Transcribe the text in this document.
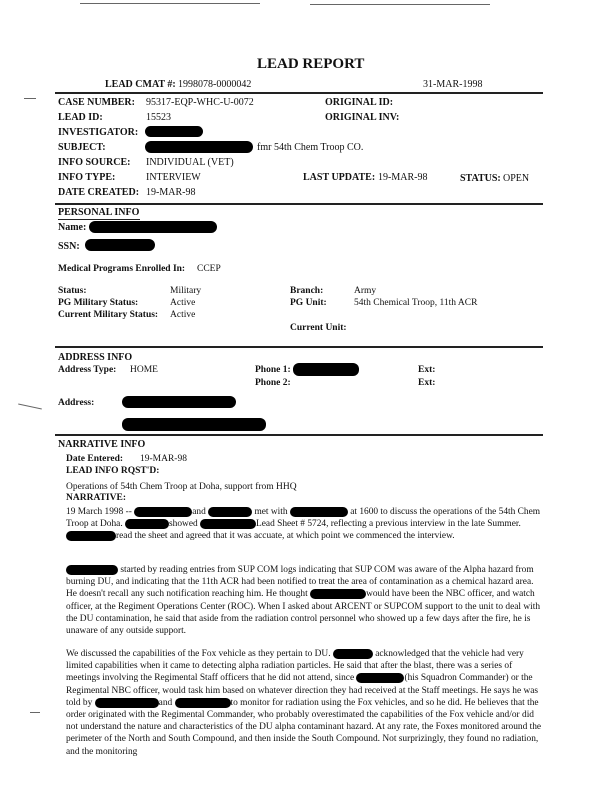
LEAD REPORT
LEAD CMAT #: 1998078-0000042	31-MAR-1998
CASE NUMBER: 95317-EQP-WHC-U-0072	ORIGINAL ID:
LEAD ID:	15523	ORIGINAL INV:
INVESTIGATOR:
SUBJECT:	fmr 54th Chem Troop CO.
INFO SOURCE: INDIVIDUAL (VET)
INFO TYPE:	INTERVIEW	LAST UPDATE: 19-MAR-98	STATUS: OPEN
DATE CREATED: 19-MAR-98
PERSONAL INFO
Name:
SSN:
Medical Programs Enrolled In: CCEP
Status:	Military	Branch:	Army
PG Military Status:	Active	PG Unit:	54th Chemical Troop, 11th ACR
Current Military Status: Active
Current Unit:
ADDRESS INFO
Address Type: HOME	Phone 1:	Ext:
Phone 2:	Ext:
Address:
NARRATIVE INFO
Date Entered: 19-MAR-98
LEAD INFO RQST'D:
Operations of 54th Chem Troop at Doha, support from HHQ
NARRATIVE:
19 March 1998 --	and	met with	at 1600 to discuss the operations of the 54th Chem Troop at Doha.	showed	Lead Sheet # 5724, reflecting a previous interview in the late Summer. read the sheet and agreed that it was accuate, at which point we commenced the interview.
started by reading entries from SUP COM logs indicating that SUP COM was aware of the Alpha hazard from burning DU, and indicating that the 11th ACR had been notified to treat the area of contamination as a chemical hazard area. He doesn't recall any such notification reaching him. He thought	would have been the NBC officer, and watch officer, at the Regiment Operations Center (ROC). When I asked about ARCENT or SUPCOM support to the unit to deal with the DU contamination, he said that aside from the radiation control personnel who showed up a few days after the fire, he is unaware of any outside support.
We discussed the capabilities of the Fox vehicle as they pertain to DU.	acknowledged that the vehicle had very limited capabilities when it came to detecting alpha radiation particles. He said that after the blast, there was a series of meetings involving the Regimental Staff officers that he did not attend, since	(his Squadron Commander) or the Regimental NBC officer, would task him based on whatever direction they had received at the Staff meetings. He says he was told by	and	to monitor for radiation using the Fox vehicles, and so he did. He believes that the order originated with the Regimental Commander, who probably overestimated the capabilities of the Fox vehicle and/or did not understand the nature and characteristics of the DU alpha contaminant hazard. At any rate, the Foxes monitored around the perimeter of the North and South Compound, and then inside the South Compound. Not surprizingly, they found no radiation, and the monitoring
